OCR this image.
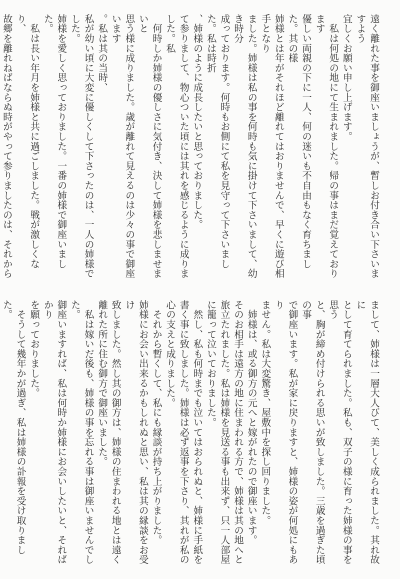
遠く離れた事を御座いましょうが、暫しお付き合い下さいますよう
宜しくお願い申し上げます。
　私は何処の地にて生まれました。帰の事はまだ覚えております
優しい両親の下に一人、何の迷いも不自由もなく育ちました。其の様
姉様とは年がそれほど離れてはおりませんで、早くに遊び相手となり
ました。姉様は私の事を何時も気に掛けて下さいまして、幼き時分
成っております。何時もお側にて私を見守って下さいました。私は時折
、姉様のように成長したいと思っておりました。
て参りまして、物心ついた頃には其れを感じるように成りました。私
　何時しか姉様の優しさに気付き、決して姉様を悲しませまいと
思う様に成りました。歳が離れて見えるのは少々の事で御座います
。私は其の当時、
私が幼い頃に大変に優しくして下さったのは、一人の姉様でした。
姉様を愛しく思っておりました。一番の姉様で御座いました。
　私は長い年月を姉様と共に過ごしました。戦が激しくなり、
故郷を離れねばならぬ時がやって参りましたのは、それから
まして、姉様は一層大人びて、美しく成られました。其れ故に
として育てられました。私も、双子の様に育った姉様の事を思う
と、胸が締め付けられる思いが致しました。三歳を過ぎた頃の事
で御座います。私が家に戻りますと、姉様の姿が何処にもあり
ません。私は大変驚き、屋敷中を探し回りました。
　姉様は、或る御方の元へと嫁がれたので御座います。
そのお相手は遠方の地に住まわれる方で、姉様は其の地へと
旅立たれました。私は姉様を見送る事も出来ず、只一人部屋
に籠って泣いておりました。
　然し、私も何時までも泣いてはおられぬと、姉様に手紙を
書く事に致しました。姉様は必ず返事を下さり、其れが私の
心の支えと成りました。
　それから暫くして、私にも縁談が持ち上がりました。
姉様にお会い出来るかもしれぬと思い、私は其の縁談をお受け
致しました。然し其の御方は、姉様の住まわれる地とは遠く
離れた所に住む御方で御座いました。
　私は嫁いだ後も、姉様の事を忘れる事は御座いませんでした。
御座いますれば、私は何時か姉様にお会いしたいと、そればかり
を願っておりました。
　そうして幾年かが過ぎ、私は姉様の訃報を受け取りました。
